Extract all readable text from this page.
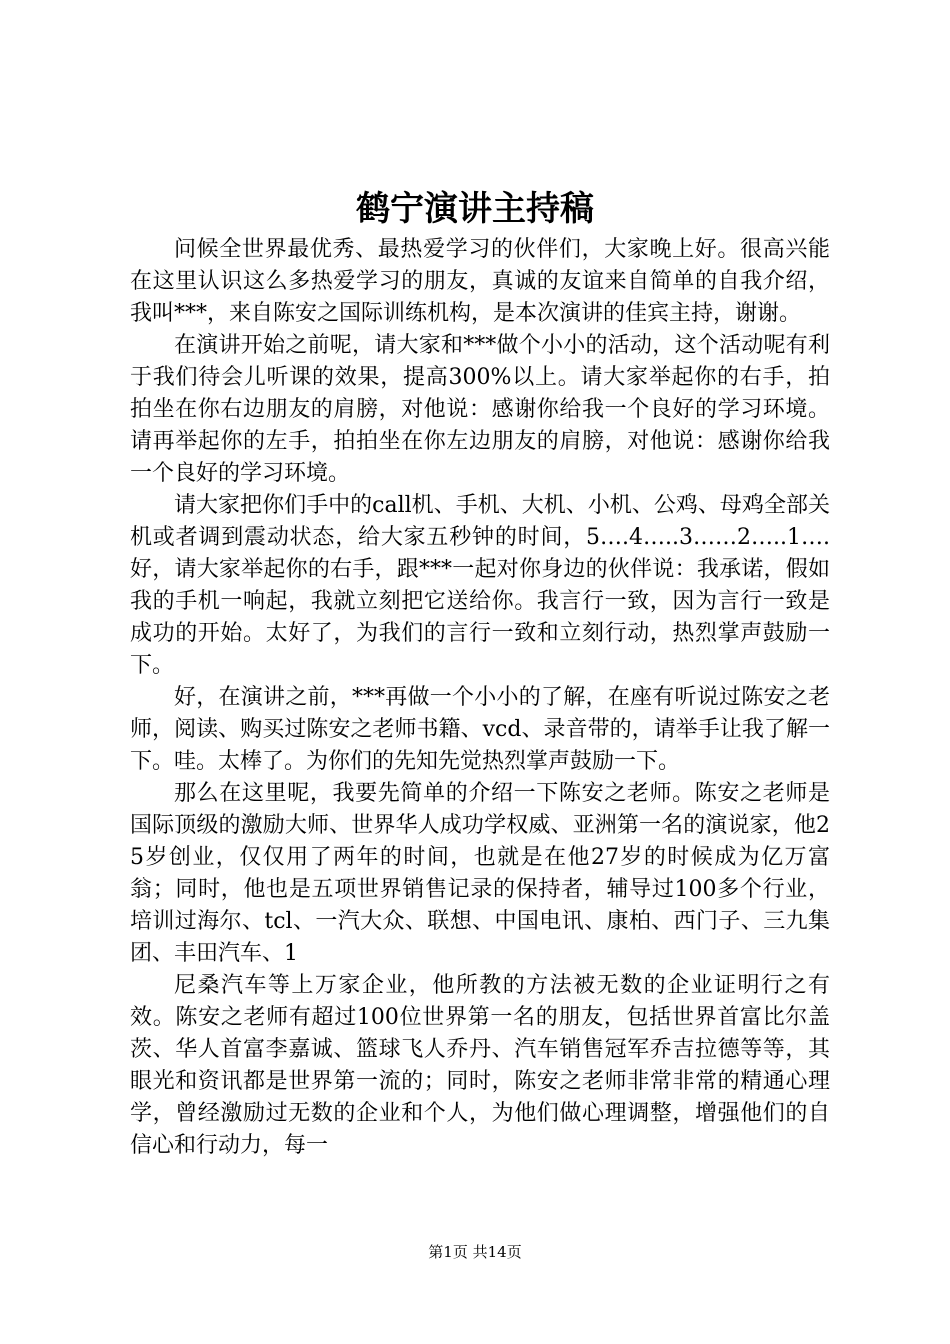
鹤宁演讲主持稿

问候全世界最优秀、最热爱学习的伙伴们，大家晚上好。很高兴能在这里认识这么多热爱学习的朋友，真诚的友谊来自简单的自我介绍，我叫***，来自陈安之国际训练机构，是本次演讲的佳宾主持，谢谢。

在演讲开始之前呢，请大家和***做个小小的活动，这个活动呢有利于我们待会儿听课的效果，提高300%以上。请大家举起你的右手，拍拍坐在你右边朋友的肩膀，对他说：感谢你给我一个良好的学习环境。请再举起你的左手，拍拍坐在你左边朋友的肩膀，对他说：感谢你给我一个良好的学习环境。

请大家把你们手中的call机、手机、大机、小机、公鸡、母鸡全部关机或者调到震动状态，给大家五秒钟的时间，5….4…..3……2…..1….好，请大家举起你的右手，跟***一起对你身边的伙伴说：我承诺，假如我的手机一响起，我就立刻把它送给你。我言行一致，因为言行一致是成功的开始。太好了，为我们的言行一致和立刻行动，热烈掌声鼓励一下。

好，在演讲之前，***再做一个小小的了解，在座有听说过陈安之老师，阅读、购买过陈安之老师书籍、vcd、录音带的，请举手让我了解一下。哇。太棒了。为你们的先知先觉热烈掌声鼓励一下。

那么在这里呢，我要先简单的介绍一下陈安之老师。陈安之老师是国际顶级的激励大师、世界华人成功学权威、亚洲第一名的演说家，他25岁创业，仅仅用了两年的时间，也就是在他27岁的时候成为亿万富翁；同时，他也是五项世界销售记录的保持者，辅导过100多个行业，培训过海尔、tcl、一汽大众、联想、中国电讯、康柏、西门子、三九集团、丰田汽车、1

尼桑汽车等上万家企业，他所教的方法被无数的企业证明行之有效。陈安之老师有超过100位世界第一名的朋友，包括世界首富比尔盖茨、华人首富李嘉诚、篮球飞人乔丹、汽车销售冠军乔吉拉德等等，其眼光和资讯都是世界第一流的；同时，陈安之老师非常非常的精通心理学，曾经激励过无数的企业和个人，为他们做心理调整，增强他们的自信心和行动力，每一

第1页 共14页
